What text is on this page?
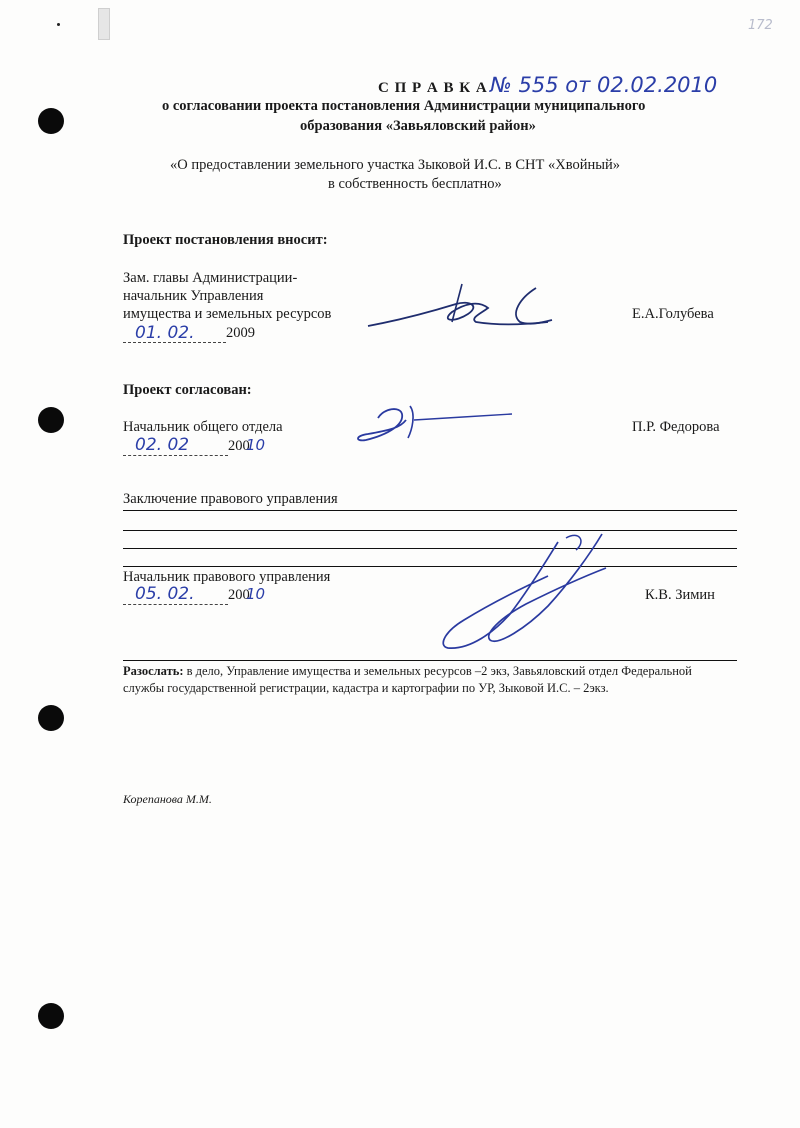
172
С П Р А В К А № 555 от 02.02.2010
о согласовании проекта постановления Администрации муниципального
образования «Завьяловский район»
«О предоставлении земельного участка Зыковой И.С. в СНТ «Хвойный»
в собственность бесплатно»
Проект постановления вносит:
Зам. главы Администрации-
начальник Управления
имущества и земельных ресурсов
01. 02. 2009
Е.А.Голубева
Проект согласован:
Начальник общего отдела
02. 02	200
10
П.Р. Федорова
Заключение правового управления
Начальник правового управления
05. 02. 200
10	К.В. Зимин
Разослать: в дело, Управление имущества и земельных ресурсов –2 экз, Завьяловский отдел Федеральной
службы государственной регистрации, кадастра и картографии по УР, Зыковой И.С. – 2экз.
Корепанова М.М.
